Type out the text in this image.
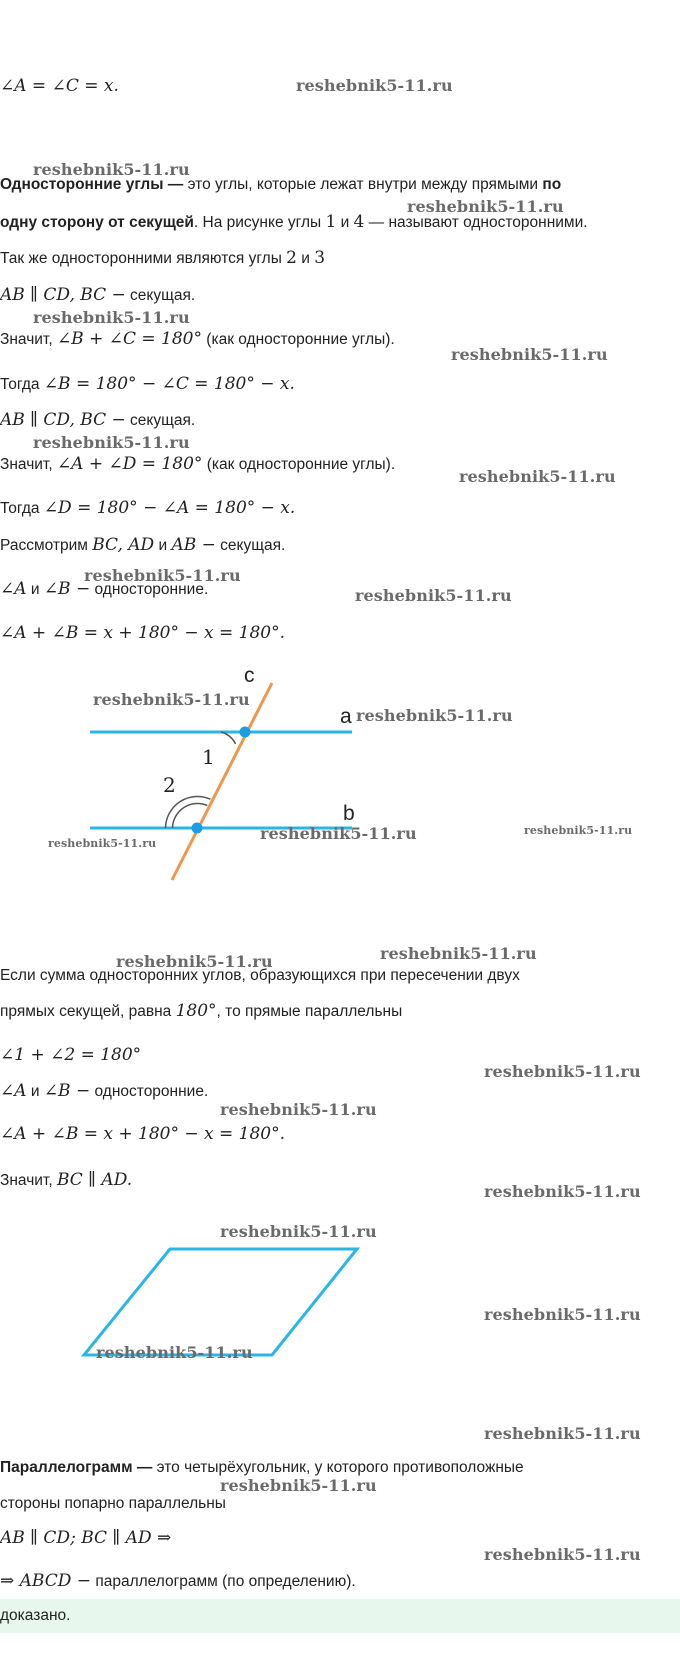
∠A = ∠C = x.
Односторонние углы — это углы, которые лежат внутри между прямыми по
одну сторону от секущей. На рисунке углы 1 и 4 — называют односторонними.
Так же односторонними являются углы 2 и 3
AB ∥ CD, BC − секущая.
Значит, ∠B + ∠C = 180° (как односторонние углы).
Тогда ∠B = 180° − ∠C = 180° − x.
AB ∥ CD, BC − секущая.
Значит, ∠A + ∠D = 180° (как односторонние углы).
Тогда ∠D = 180° − ∠A = 180° − x.
Рассмотрим BC, AD и AB − секущая.
∠A и ∠B − односторонние.
∠A + ∠B = x + 180° − x = 180°.
c
a
b
1
2
Если сумма односторонних углов, образующихся при пересечении двух
прямых секущей, равна 180°, то прямые параллельны
∠1 + ∠2 = 180°
∠A и ∠B − односторонние.
∠A + ∠B = x + 180° − x = 180°.
Значит, BC ∥ AD.
Параллелограмм — это четырёхугольник, у которого противоположные
стороны попарно параллельны
AB ∥ CD; BC ∥ AD ⇒
⇒ ABCD − параллелограмм (по определению).
доказано.
reshebnik5-11.ru
reshebnik5-11.ru
reshebnik5-11.ru
reshebnik5-11.ru
reshebnik5-11.ru
reshebnik5-11.ru
reshebnik5-11.ru
reshebnik5-11.ru
reshebnik5-11.ru
reshebnik5-11.ru
reshebnik5-11.ru
reshebnik5-11.ru
reshebnik5-11.ru
reshebnik5-11.ru
reshebnik5-11.ru	reshebnik5-11.ru
reshebnik5-11.ru
reshebnik5-11.ru
reshebnik5-11.ru
reshebnik5-11.ru
reshebnik5-11.ru
reshebnik5-11.ru
reshebnik5-11.ru
reshebnik5-11.ru
reshebnik5-11.ru
